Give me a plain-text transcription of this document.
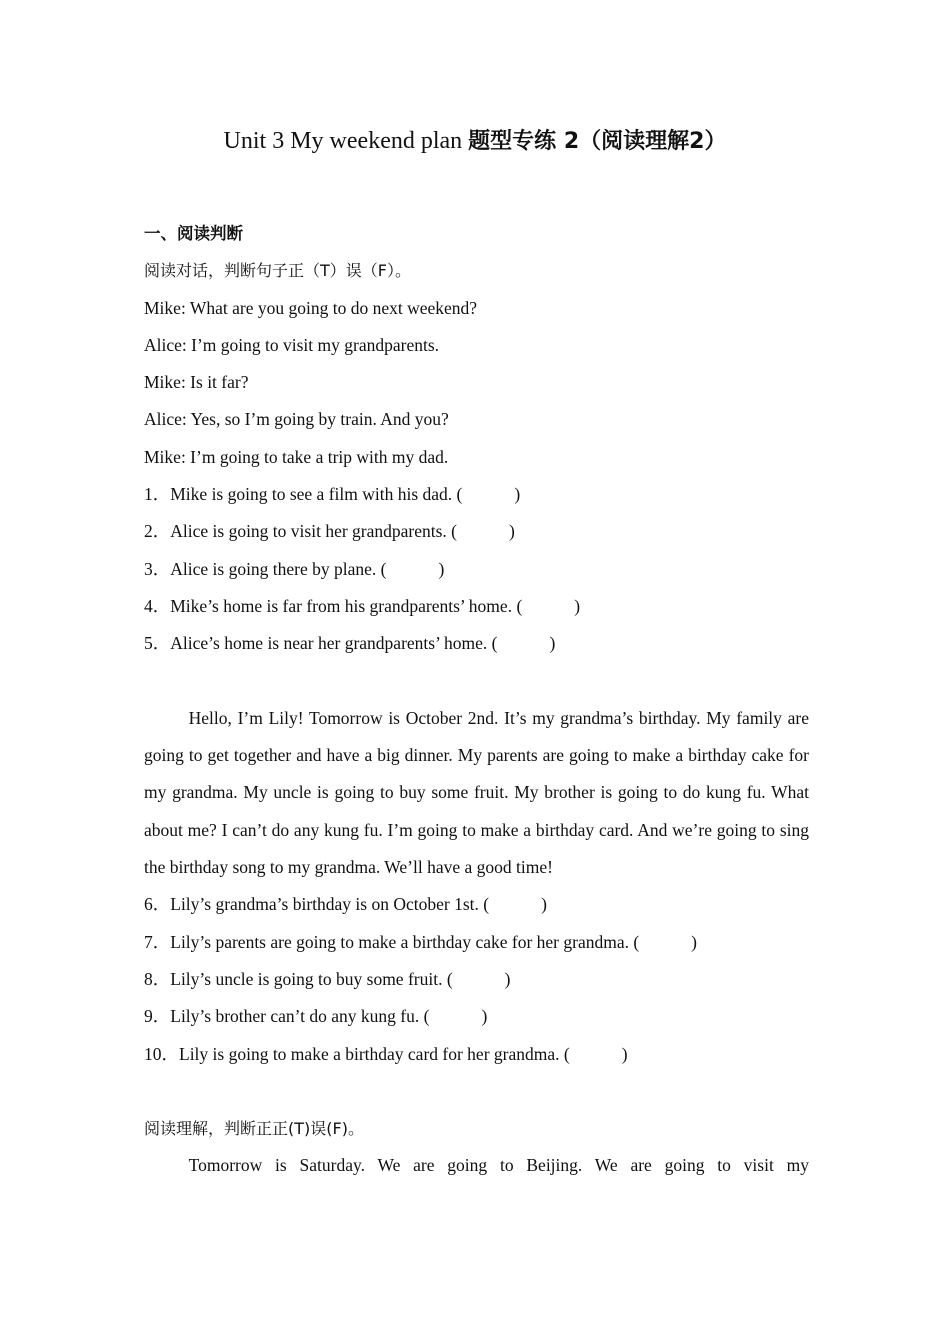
Unit 3 My weekend plan 题型专练 2（阅读理解2）
一、阅读判断
阅读对话，判断句子正（T）误（F）。
Mike: What are you going to do next weekend?
Alice: I’m going to visit my grandparents.
Mike: Is it far?
Alice: Yes, so I’m going by train. And you?
Mike: I’m going to take a trip with my dad.
1．Mike is going to see a film with his dad. (	)
2．Alice is going to visit her grandparents. (	)
3．Alice is going there by plane. (	)
4．Mike’s home is far from his grandparents’ home. (	)
5．Alice’s home is near her grandparents’ home. (	)

Hello, I’m Lily! Tomorrow is October 2nd. It’s my grandma’s birthday. My family are going to get together and have a big dinner. My parents are going to make a birthday cake for my grandma. My uncle is going to buy some fruit. My brother is going to do kung fu. What about me? I can’t do any kung fu. I’m going to make a birthday card. And we’re going to sing the birthday song to my grandma. We’ll have a good time!

6．Lily’s grandma’s birthday is on October 1st. (	)
7．Lily’s parents are going to make a birthday cake for her grandma. (	)
8．Lily’s uncle is going to buy some fruit. (	)
9．Lily’s brother can’t do any kung fu. (	)
10．Lily is going to make a birthday card for her grandma. (	)
阅读理解，判断正正(T)误(F)。

Tomorrow is Saturday. We are going to Beijing. We are going to visit my
